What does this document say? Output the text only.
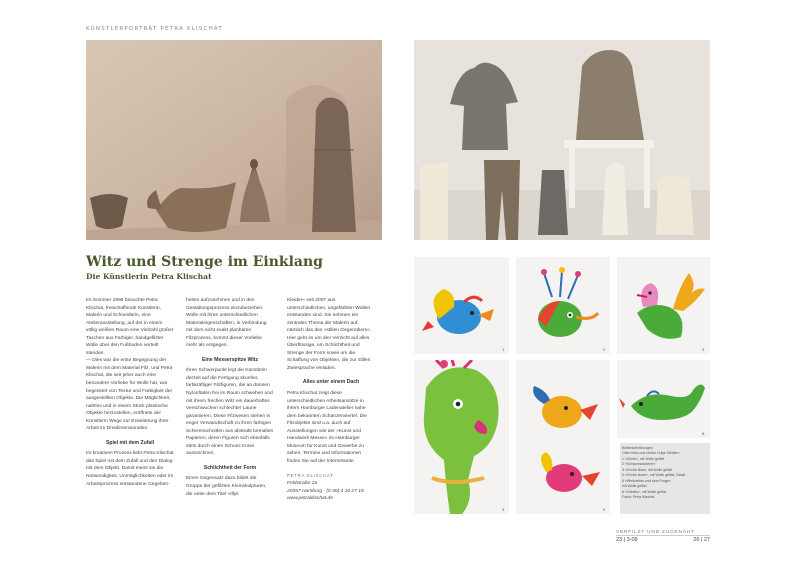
KÜNSTLERPORTRÄT PETRA KLISCHAT
Witz und Strenge im Einklang
Die Künstlerin Petra Klischat

Im Sommer 1996 besuchte Petra Klischat, freischaffende Künstlerin, Malerin und Schneiderin, eine Atelierausstellung, auf der in einem völlig weißen Raum eine Vielzahl großer Taschen aus Farbiger, handgefilzter Wolle über den Fußboden verteilt standen.

— Dies war die erste Begegnung der Malerin mit dem Material Filz, und Petra Klischat, die seit jeher auch eine besondere Vorliebe für Wolle hat, war begeistert von Textur und Farbigkeit der ausgestellten Objekte. Die Möglichkeit, nahtlos und in einem Stück plastische Objekte herzustellen, eröffnete der Künstlerin Wege zur Erweiterung ihrer Arbeit im Dreidimensionalen.

Spiel mit dem Zufall

Im kreativen Prozess liebt Petra Klischat das Spiel mit dem Zufall und den Dialog mit dem Objekt. Damit meint sie die Notwendigkeit, Unmöglichkeiten oder im Arbeitsprozess entstandene Gegeben-

heiten aufzunehmen und in den Gestaltungsprozess einzubeziehen. Wolle mit ihren unterschiedlichen Materialeigenschaften, in Verbindung mit dem nicht exakt planbaren Filzprozess, kommt dieser Vorliebe mehr als entgegen.

Eine Messerspitze Witz

Ihren Schwerpunkt legt die Künstlerin derzeit auf die Fertigung skurriler, farbkräftiger Filzfiguren, die an dünnen Nylonfäden frei im Raum schweben und mit ihrem frechen Witz ein dauerhaftes Verschwuchen schlechter Laune garantieren. Diese Filzwesen stehen in enger Verwandtschaft zu ihren farbigen Scherenschnitten aus abstrakt bemalten Papieren, deren Figuren sich ebenfalls stets durch einen Schuss Ironie auszeichnen.

Schlichtheit der Form

Einen Gegensatz dazu bildet die Gruppe der gefilzten Kleinskulpturen, die unter dem Titel »Illys

Kleider« seit 2007 aus unterschiedlichen, ungefärbten Wollen entstanden sind. Sie nehmen ein zentrales Thema der Malerin auf, nämlich das des »stillen Gegenübers«. Hier geht es um den Verzicht auf alles Überflüssige, um Schlichtheit und Strenge der Form sowie um die Schaffung von Objekten, die zur stillen Zwiesprache einladen.

Alles unter einem Dach

Petra Klischat zeigt diese unterschiedlichen Arbeitsansätze in ihrem Hamburger Ladenatelier nahe dem bekannten Schanzenviertel. Die Filzobjekte sind u.a. auch auf Ausstellungen wie der »Kunst und Handwerk Messe« im Hamburger Museum für Kunst und Gewerbe zu sehen. Termine und Informationen finden Sie auf der Internetseite.

PETRA KLISCHAT
Feldstraße 2a
20357 Hamburg · (0 40) 4 10 27 18
www.petraklischat.de
1	2	3
4	5
6
Bildbeschreibungen
Oben links und rechts »Lilys Kleider«
1 »Chirik«, mit Wolle gefilzt
2 »Schaumzauberer«
3 »Große Nase, mit Wolle gefilzt
4 »Große Nase«, mit Wolle gefilzt, Detail
5 »Weisheiten und eine Frage«
mit Wolle gefilzt
6 »Gebälk«, mit Wolle gefilzt
Fotos: Petra Klischat
VERFILZT UND ZUGENÄHT
23 | 3-09	26 | 27
